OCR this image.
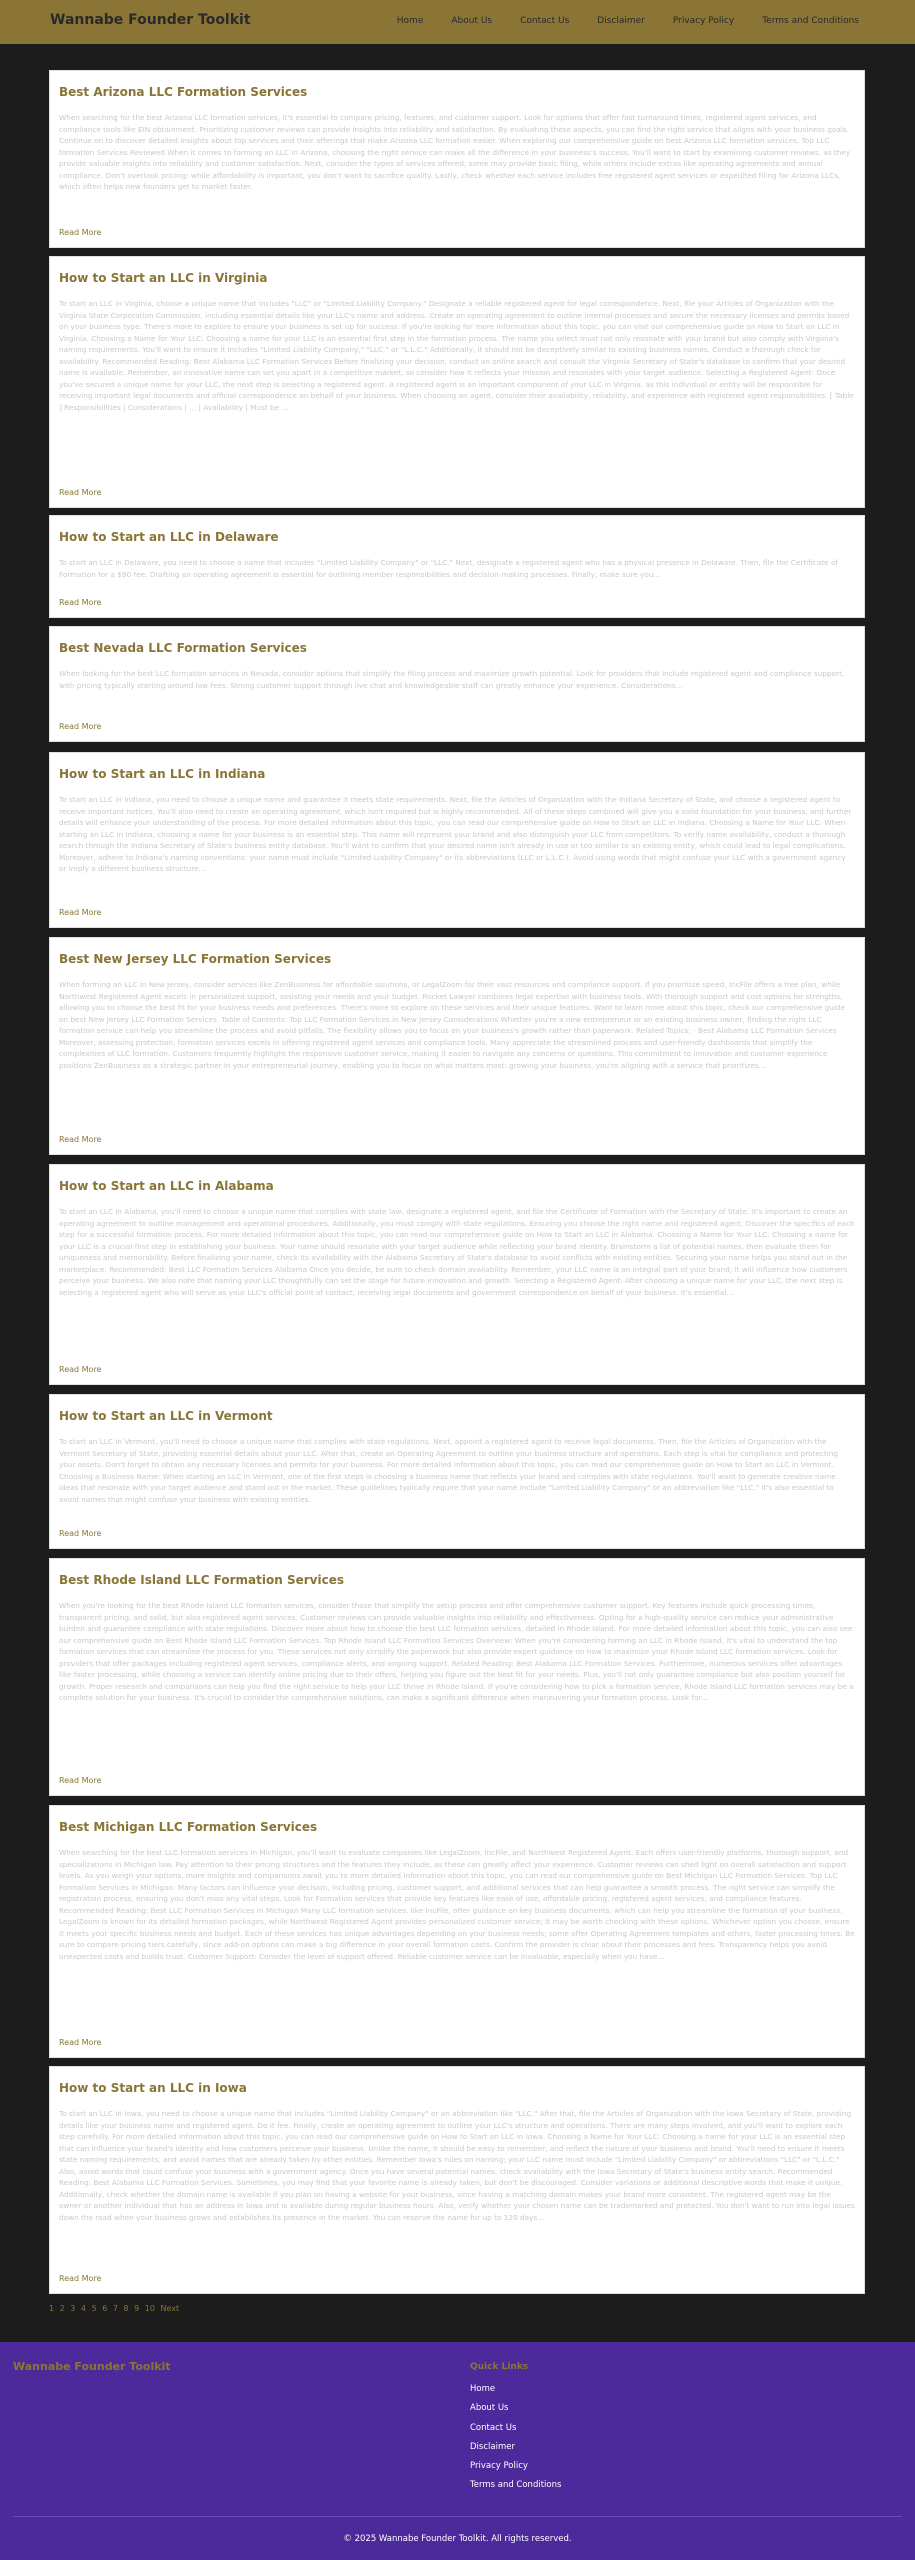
Wannabe Founder Toolkit	Home	About Us	Contact Us	Disclaimer	Privacy Policy	Terms and Conditions
Best Arizona LLC Formation Services

When searching for the best Arizona LLC formation services, it's essential to compare pricing, features, and customer support. Look for options that offer fast turnaround times, registered agent services, and compliance tools like EIN obtainment. Prioritizing customer reviews can provide insights into reliability and satisfaction. By evaluating these aspects, you can find the right service that aligns with your business goals. Continue on to discover detailed insights about top services and their offerings that make Arizona LLC formation easier. When exploring our comprehensive guide on best Arizona LLC formation services, Top LLC formation Services Reviewed When it comes to forming an LLC in Arizona, choosing the right service can make all the difference in your business's success. You'll want to start by examining customer reviews, as they provide valuable insights into reliability and customer satisfaction. Next, consider the types of services offered; some may provide basic filing, while others include extras like operating agreements and annual compliance. Don't overlook pricing: while affordability is important, you don't want to sacrifice quality. Lastly, check whether each service includes free registered agent services or expedited filing for Arizona LLCs, which often helps new founders get to market faster.

Read More
How to Start an LLC in Virginia

To start an LLC in Virginia, choose a unique name that includes "LLC" or "Limited Liability Company." Designate a reliable registered agent for legal correspondence. Next, file your Articles of Organization with the Virginia State Corporation Commission, including essential details like your LLC's name and address. Create an operating agreement to outline internal processes and secure the necessary licenses and permits based on your business type. There's more to explore to ensure your business is set up for success. If you're looking for more information about this topic, you can visit our comprehensive guide on How to Start an LLC in Virginia. Choosing a Name for Your LLC: Choosing a name for your LLC is an essential first step in the formation process. The name you select must not only resonate with your brand but also comply with Virginia's naming requirements. You'll want to ensure it includes "Limited Liability Company," "LLC," or "L.L.C." Additionally, it should not be deceptively similar to existing business names. Conduct a thorough check for availability. Recommended Reading: Best Alabama LLC Formation Services Before finalizing your decision, conduct an online search and consult the Virginia Secretary of State's database to confirm that your desired name is available. Remember, an innovative name can set you apart in a competitive market, so consider how it reflects your mission and resonates with your target audience. Selecting a Registered Agent: Once you've secured a unique name for your LLC, the next step is selecting a registered agent. A registered agent is an important component of your LLC in Virginia, as this individual or entity will be responsible for receiving important legal documents and official correspondence on behalf of your business. When choosing an agent, consider their availability, reliability, and experience with registered agent responsibilities. [ Table ] Responsibilities | Considerations | ... | Availability | Must be ...

Read More
How to Start an LLC in Delaware

To start an LLC in Delaware, you need to choose a name that includes "Limited Liability Company" or "LLC." Next, designate a registered agent who has a physical presence in Delaware. Then, file the Certificate of Formation for a $90 fee. Drafting an operating agreement is essential for outlining member responsibilities and decision-making processes. Finally, make sure you...

Read More
Best Nevada LLC Formation Services

When looking for the best LLC formation services in Nevada, consider options that simplify the filing process and maximize growth potential. Look for providers that include registered agent and compliance support, with pricing typically starting around low fees. Strong customer support through live chat and knowledgeable staff can greatly enhance your experience. Considerations...

Read More
How to Start an LLC in Indiana

To start an LLC in Indiana, you need to choose a unique name and guarantee it meets state requirements. Next, file the Articles of Organization with the Indiana Secretary of State, and choose a registered agent to receive important notices. You'll also need to create an operating agreement, which isn't required but is highly recommended. All of these steps combined will give you a solid foundation for your business, and further details will enhance your understanding of the process. For more detailed information about this topic, you can read our comprehensive guide on How to Start an LLC in Indiana. Choosing a Name for Your LLC: When starting an LLC in Indiana, choosing a name for your business is an essential step. This name will represent your brand and also distinguish your LLC from competitors. To verify name availability, conduct a thorough search through the Indiana Secretary of State's business entity database. You'll want to confirm that your desired name isn't already in use or too similar to an existing entity, which could lead to legal complications. Moreover, adhere to Indiana's naming conventions: your name must include "Limited Liability Company" or its abbreviations (LLC or L.L.C.). Avoid using words that might confuse your LLC with a government agency or imply a different business structure...

Read More
Best New Jersey LLC Formation Services

When forming an LLC in New Jersey, consider services like ZenBusiness for affordable solutions, or LegalZoom for their vast resources and compliance support. If you prioritize speed, IncFile offers a free plan, while Northwest Registered Agent excels in personalized support, assisting your needs and your budget. Rocket Lawyer combines legal expertise with business tools. With thorough support and cost options for strengths, allowing you to choose the best fit for your business needs and preferences. There's more to explore on these services and their unique features. Want to learn more about this topic, check our comprehensive guide on best New Jersey LLC Formation Services. Table of Contents: Top LLC Formation Services in New Jersey Considerations Whether you're a new entrepreneur or an existing business owner, finding the right LLC formation service can help you streamline the process and avoid pitfalls. The flexibility allows you to focus on your business's growth rather than paperwork. Related Topics: - Best Alabama LLC Formation Services Moreover, assessing protection, formation services excels in offering registered agent services and compliance tools. Many appreciate the streamlined process and user-friendly dashboards that simplify the complexities of LLC formation. Customers frequently highlight the responsive customer service, making it easier to navigate any concerns or questions. This commitment to innovation and customer experience positions ZenBusiness as a strategic partner in your entrepreneurial journey, enabling you to focus on what matters most: growing your business, you're aligning with a service that prioritizes...

Read More
How to Start an LLC in Alabama

To start an LLC in Alabama, you'll need to choose a unique name that complies with state law, designate a registered agent, and file the Certificate of Formation with the Secretary of State. It's important to create an operating agreement to outline management and operational procedures. Additionally, you must comply with state regulations. Ensuring you choose the right name and registered agent, Discover the specifics of each step for a successful formation process. For more detailed information about this topic, you can read our comprehensive guide on How to Start an LLC in Alabama. Choosing a Name for Your LLC: Choosing a name for your LLC is a crucial first step in establishing your business. Your name should resonate with your target audience while reflecting your brand identity. Brainstorm a list of potential names, then evaluate them for uniqueness and memorability. Before finalizing your name, check its availability with the Alabama Secretary of State's database to avoid conflicts with existing entities. Securing your name helps you stand out in the marketplace. Recommended: Best LLC Formation Services Alabama Once you decide, be sure to check domain availability. Remember, your LLC name is an integral part of your brand; it will influence how customers perceive your business. We also note that naming your LLC thoughtfully can set the stage for future innovation and growth. Selecting a Registered Agent: After choosing a unique name for your LLC, the next step is selecting a registered agent who will serve as your LLC's official point of contact, receiving legal documents and government correspondence on behalf of your business. It's essential...

Read More
How to Start an LLC in Vermont

To start an LLC in Vermont, you'll need to choose a unique name that complies with state regulations. Next, appoint a registered agent to receive legal documents. Then, file the Articles of Organization with the Vermont Secretary of State, providing essential details about your LLC. After that, create an Operating Agreement to outline your business structure and operations. Each step is vital for compliance and protecting your assets. Don't forget to obtain any necessary licenses and permits for your business. For more detailed information about this topic, you can read our comprehensive guide on How to Start an LLC in Vermont. Choosing a Business Name: When starting an LLC in Vermont, one of the first steps is choosing a business name that reflects your brand and complies with state regulations. You'll want to generate creative name ideas that resonate with your target audience and stand out in the market. These guidelines typically require that your name include "Limited Liability Company" or an abbreviation like "LLC." It's also essential to avoid names that might confuse your business with existing entities.

Read More
Best Rhode Island LLC Formation Services

When you're looking for the best Rhode Island LLC formation services, consider those that simplify the setup process and offer comprehensive customer support. Key features include quick processing times, transparent pricing, and solid, but also registered agent services. Customer reviews can provide valuable insights into reliability and effectiveness. Opting for a high-quality service can reduce your administrative burden and guarantee compliance with state regulations. Discover more about how to choose the best LLC formation services, detailed in Rhode Island. For more detailed information about this topic, you can also see our comprehensive guide on Best Rhode Island LLC Formation Services. Top Rhode Island LLC Formation Services Overview: When you're considering forming an LLC in Rhode Island, it's vital to understand the top formation services that can streamline the process for you. These services not only simplify the paperwork but also provide expert guidance on how to maximize your Rhode Island LLC formation services. Look for providers that offer packages including registered agent services, compliance alerts, and ongoing support. Related Reading: Best Alabama LLC Formation Services. Furthermore, numerous services offer advantages like faster processing, while choosing a service can identify online pricing due to their offers, helping you figure out the best fit for your needs. Plus, you'll not only guarantee compliance but also position yourself for growth. Proper research and comparisons can help you find the right service to help your LLC thrive in Rhode Island. If you're considering how to pick a formation service, Rhode Island LLC formation services may be a complete solution for your business. It's crucial to consider the comprehensive solutions, can make a significant difference when maneuvering your formation process. Look for...

Read More
Best Michigan LLC Formation Services

When searching for the best LLC formation services in Michigan, you'll want to evaluate companies like LegalZoom, IncFile, and Northwest Registered Agent. Each offers user-friendly platforms, thorough support, and specializations in Michigan law. Pay attention to their pricing structures and the features they include, as these can greatly affect your experience. Customer reviews can shed light on overall satisfaction and support levels. As you weigh your options, more insights and comparisons await you to more detailed information about this topic, you can read our comprehensive guide on Best Michigan LLC Formation Services. Top LLC Formation Services in Michigan: Many factors can influence your decision, including pricing, customer support, and additional services that can help guarantee a smooth process. The right service can simplify the registration process, ensuring you don't miss any vital steps. Look for Formation services that provide key features like ease of use, affordable pricing, registered agent services, and compliance features. Recommended Reading: Best LLC Formation Services in Michigan Many LLC formation services, like IncFile, offer guidance on key business documents, which can help you streamline the formation of your business. LegalZoom is known for its detailed formation packages, while Northwest Registered Agent provides personalized customer service; it may be worth checking with these options. Whichever option you choose, ensure it meets your specific business needs and budget. Each of these services has unique advantages depending on your business needs; some offer Operating Agreement templates and others, faster processing times. Be sure to compare pricing tiers carefully, since add-on options can make a big difference in your overall formation costs. Confirm the provider is clear about their processes and fees. Transparency helps you avoid unexpected costs and builds trust. Customer Support: Consider the level of support offered. Reliable customer service can be invaluable, especially when you have...

Read More
How to Start an LLC in Iowa

To start an LLC in Iowa, you need to choose a unique name that includes "Limited Liability Company" or an abbreviation like "LLC." After that, file the Articles of Organization with the Iowa Secretary of State, providing details like your business name and registered agent. Do it fee. Finally, create an operating agreement to outline your LLC's structure and operations. There are many steps involved, and you'll want to explore each step carefully. For more detailed information about this topic, you can read our comprehensive guide on How to Start an LLC in Iowa. Choosing a Name for Your LLC: Choosing a name for your LLC is an essential step that can influence your brand's identity and how customers perceive your business. Unlike the name, it should be easy to remember, and reflect the nature of your business and brand. You'll need to ensure it meets state naming requirements, and avoid names that are already taken by other entities. Remember Iowa's rules on naming; your LLC name must include "Limited Liability Company" or abbreviations "LLC" or "L.L.C." Also, avoid words that could confuse your business with a government agency. Once you have several potential names, check availability with the Iowa Secretary of State's business entity search. Recommended Reading: Best Alabama LLC Formation Services. Sometimes, you may find that your favorite name is already taken, but don't be discouraged. Consider variations or additional descriptive words that make it unique. Additionally, check whether the domain name is available if you plan on having a website for your business, since having a matching domain makes your brand more consistent. The registered agent may be the owner or another individual that has an address in Iowa and is available during regular business hours. Also, verify whether your chosen name can be trademarked and protected. You don't want to run into legal issues down the road when your business grows and establishes its presence in the market. You can reserve the name for up to 120 days...

Read More
1 2 3 4 5 6 7 8 9 10 Next
Wannabe Founder Toolkit	Quick Links
Home
About Us
Contact Us
Disclaimer
Privacy Policy
Terms and Conditions
© 2025 Wannabe Founder Toolkit. All rights reserved.
